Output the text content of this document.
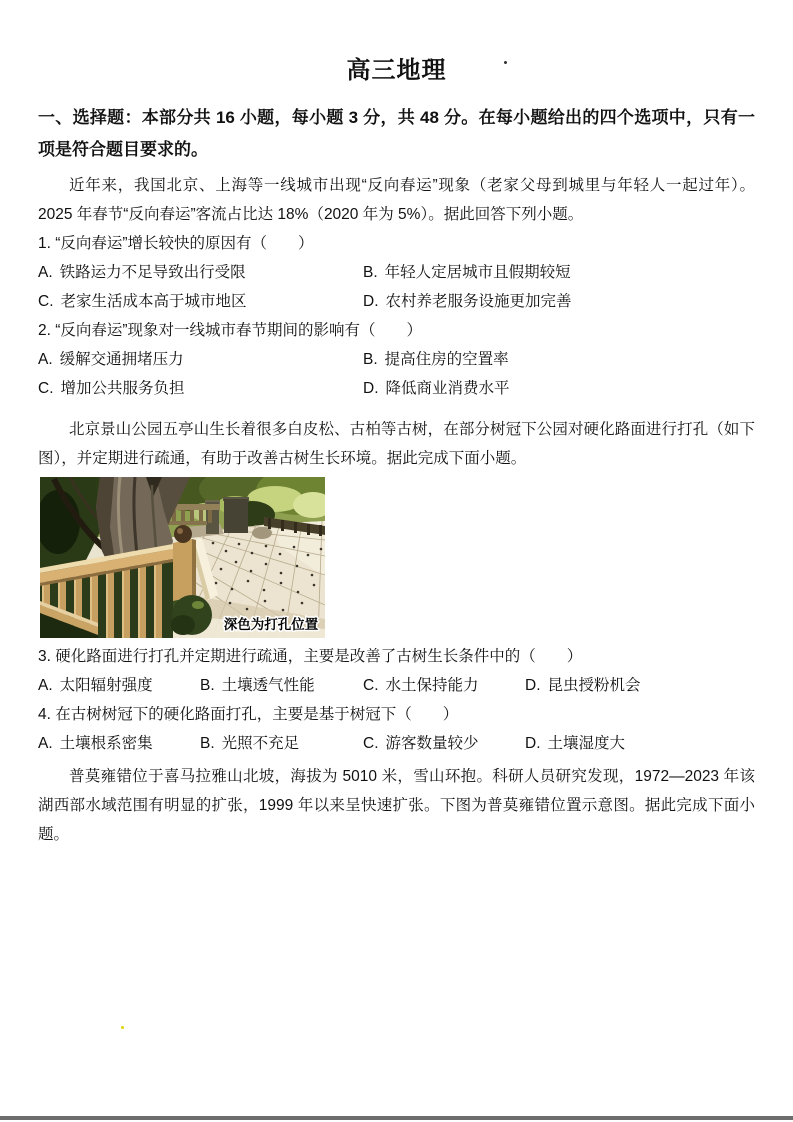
高三地理
一、选择题：本部分共 16 小题，每小题 3 分，共 48 分。在每小题给出的四个选项中，只有一项是符合题目要求的。
近年来，我国北京、上海等一线城市出现“反向春运”现象（老家父母到城里与年轻人一起过年）。2025 年春节“反向春运”客流占比达 18%（2020 年为 5%）。据此回答下列小题。
1. “反向春运”增长较快的原因有（　　）
A. 铁路运力不足导致出行受限	B. 年轻人定居城市且假期较短
C. 老家生活成本高于城市地区	D. 农村养老服务设施更加完善
2. “反向春运”现象对一线城市春节期间的影响有（　　）
A. 缓解交通拥堵压力	B. 提高住房的空置率
C. 增加公共服务负担	D. 降低商业消费水平
北京景山公园五亭山生长着很多白皮松、古柏等古树，在部分树冠下公园对硬化路面进行打孔（如下图），并定期进行疏通，有助于改善古树生长环境。据此完成下面小题。
深色为打孔位置
3. 硬化路面进行打孔并定期进行疏通，主要是改善了古树生长条件中的（　　）
A. 太阳辐射强度	B. 土壤透气性能	C. 水土保持能力	D. 昆虫授粉机会
4. 在古树树冠下的硬化路面打孔，主要是基于树冠下（　　）
A. 土壤根系密集	B. 光照不充足	C. 游客数量较少	D. 土壤湿度大
普莫雍错位于喜马拉雅山北坡，海拔为 5010 米，雪山环抱。科研人员研究发现，1972—2023 年该湖西部水域范围有明显的扩张，1999 年以来呈快速扩张。下图为普莫雍错位置示意图。据此完成下面小题。
